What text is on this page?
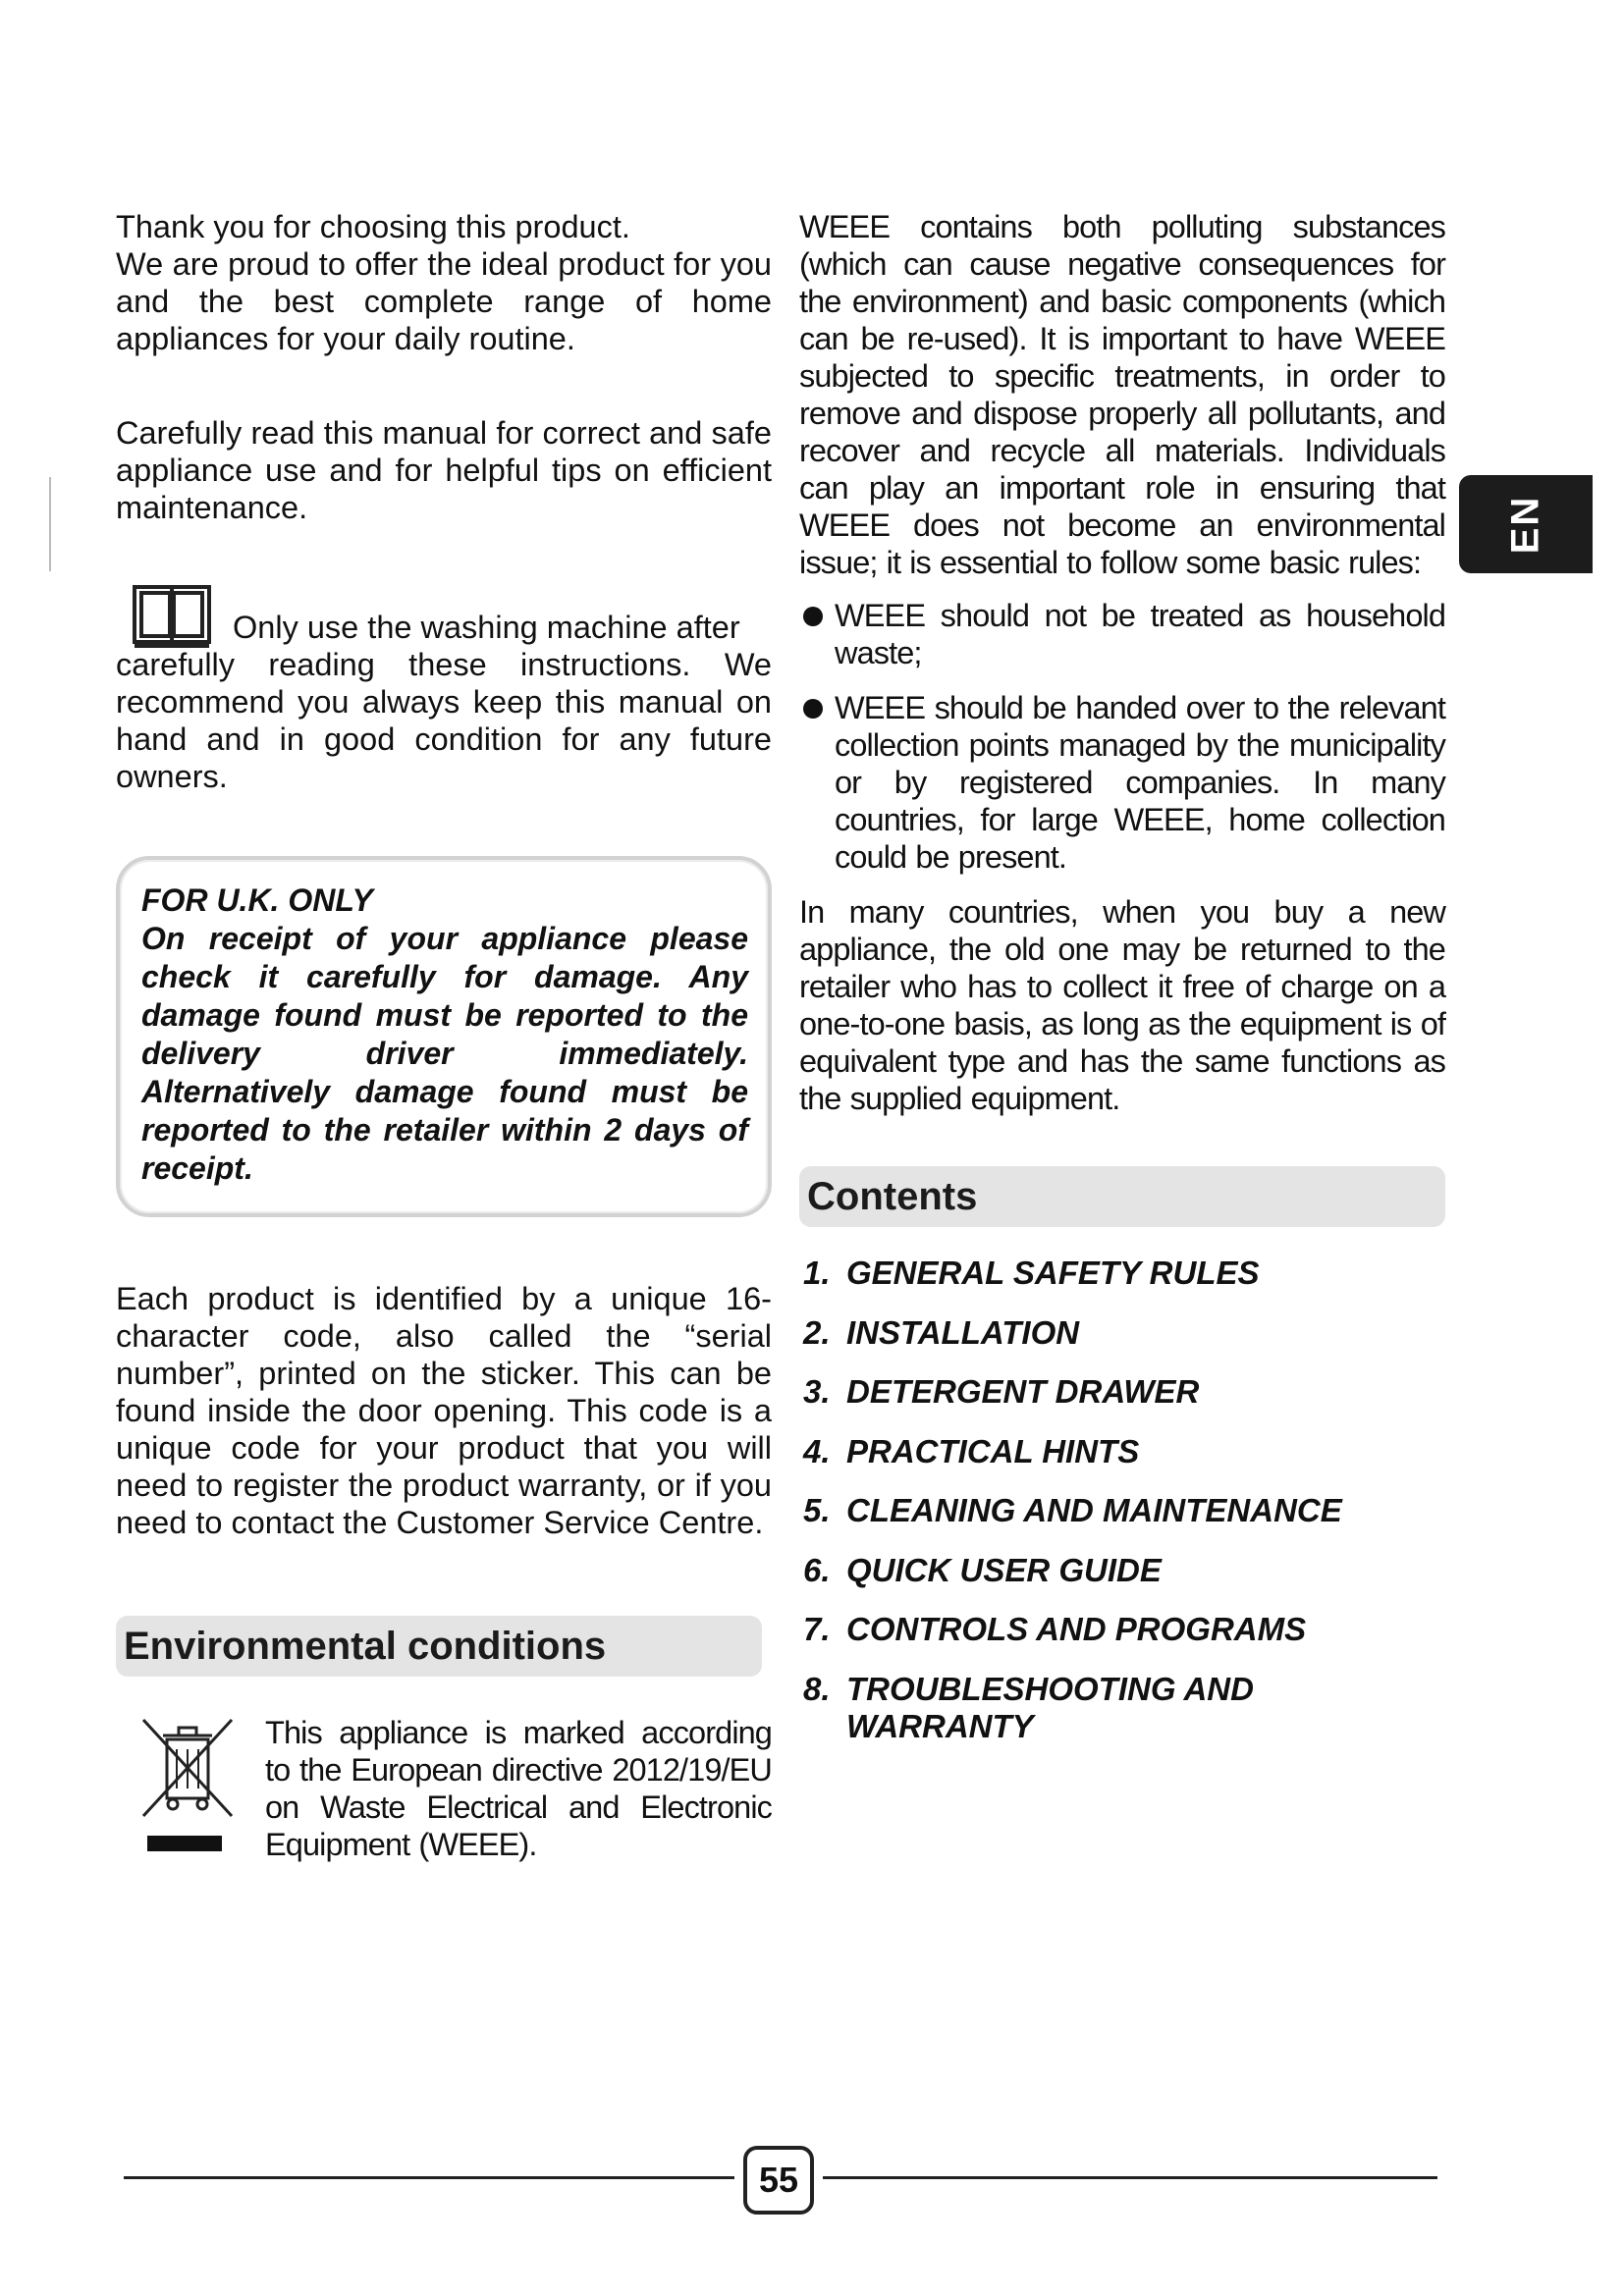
Thank you for choosing this product.
We are proud to offer the ideal product for you and the best complete range of home appliances for your daily routine.

Carefully read this manual for correct and safe appliance use and for helpful tips on efficient maintenance.

Only use the washing machine after

carefully reading these instructions. We recommend you always keep this manual on hand and in good condition for any future owners.

FOR U.K. ONLY
On receipt of your appliance please check it carefully for damage. Any damage found must be reported to the delivery driver immediately. Alternatively damage found must be reported to the retailer within 2 days of receipt.

Each product is identified by a unique 16-character code, also called the “serial number”, printed on the sticker. This can be found inside the door opening. This code is a unique code for your product that you will need to register the product warranty, or if you need to contact the Customer Service Centre.

Environmental conditions

This appliance is marked according to the European directive 2012/19/EU on Waste Electrical and Electronic Equipment (WEEE).

WEEE contains both polluting substances (which can cause negative consequences for the environment) and basic components (which can be re-used). It is important to have WEEE subjected to specific treatments, in order to remove and dispose properly all pollutants, and recover and recycle all materials. Individuals can play an important role in ensuring that WEEE does not become an environmental issue; it is essential to follow some basic rules:

WEEE should not be treated as household waste;

WEEE should be handed over to the relevant collection points managed by the municipality or by registered companies. In many countries, for large WEEE, home collection could be present.

In many countries, when you buy a new appliance, the old one may be returned to the retailer who has to collect it free of charge on a one-to-one basis, as long as the equipment is of equivalent type and has the same functions as the supplied equipment.

Contents
1. GENERAL SAFETY RULES
2. INSTALLATION
3. DETERGENT DRAWER
4. PRACTICAL HINTS
5. CLEANING AND MAINTENANCE
6. QUICK USER GUIDE
7. CONTROLS AND PROGRAMS
8. TROUBLESHOOTING AND WARRANTY
EN
55
